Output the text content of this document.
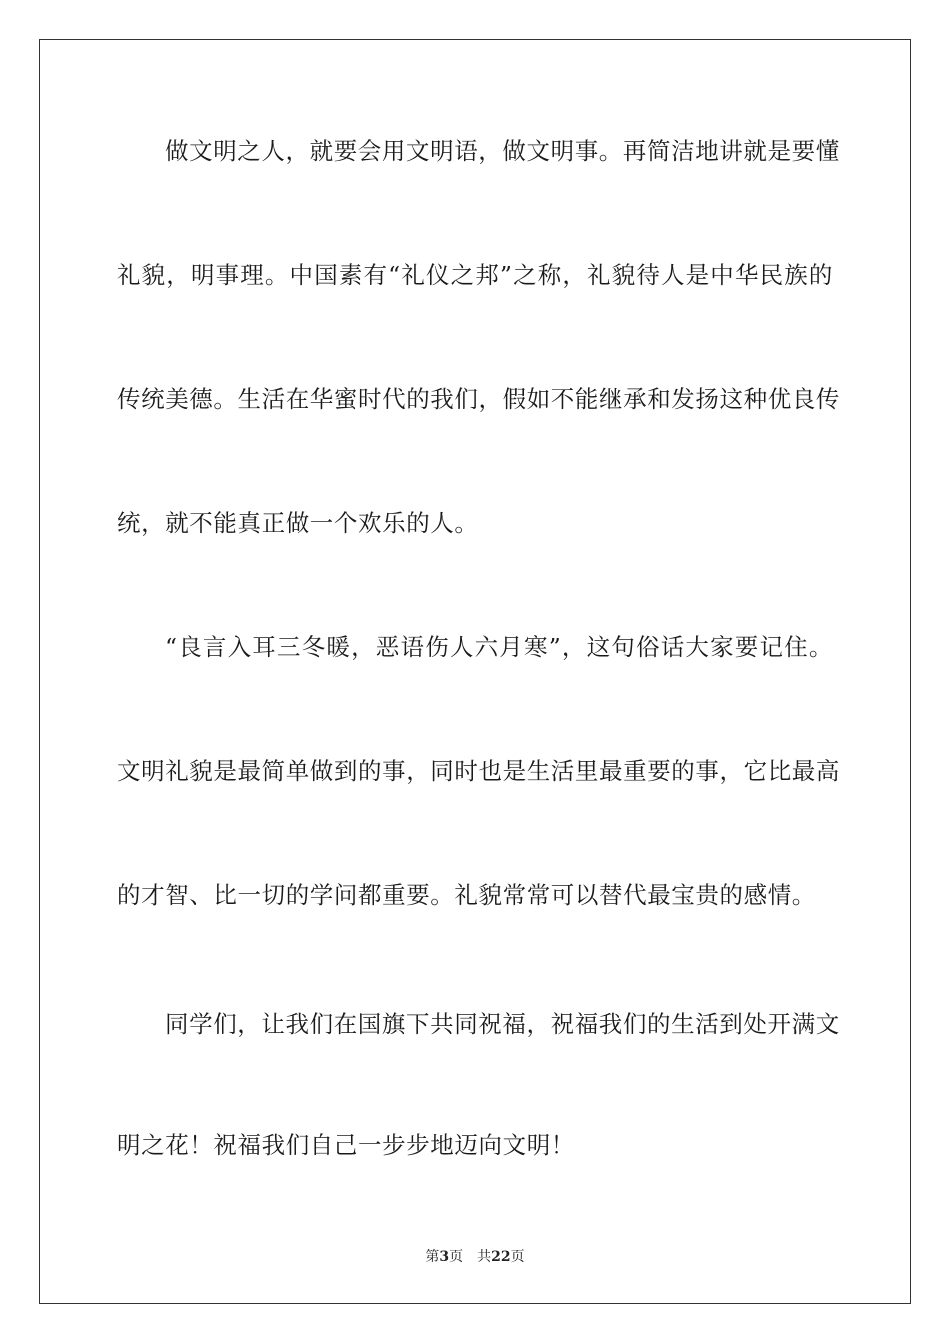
做文明之人，就要会用文明语，做文明事。再简洁地讲就是要懂
礼貌，明事理。中国素有“礼仪之邦”之称，礼貌待人是中华民族的
传统美德。生活在华蜜时代的我们，假如不能继承和发扬这种优良传
统，就不能真正做一个欢乐的人。
“良言入耳三冬暖，恶语伤人六月寒”，这句俗话大家要记住。
文明礼貌是最简单做到的事，同时也是生活里最重要的事，它比最高
的才智、比一切的学问都重要。礼貌常常可以替代最宝贵的感情。
同学们，让我们在国旗下共同祝福，祝福我们的生活到处开满文
明之花！祝福我们自己一步步地迈向文明！
第3页 共22页
